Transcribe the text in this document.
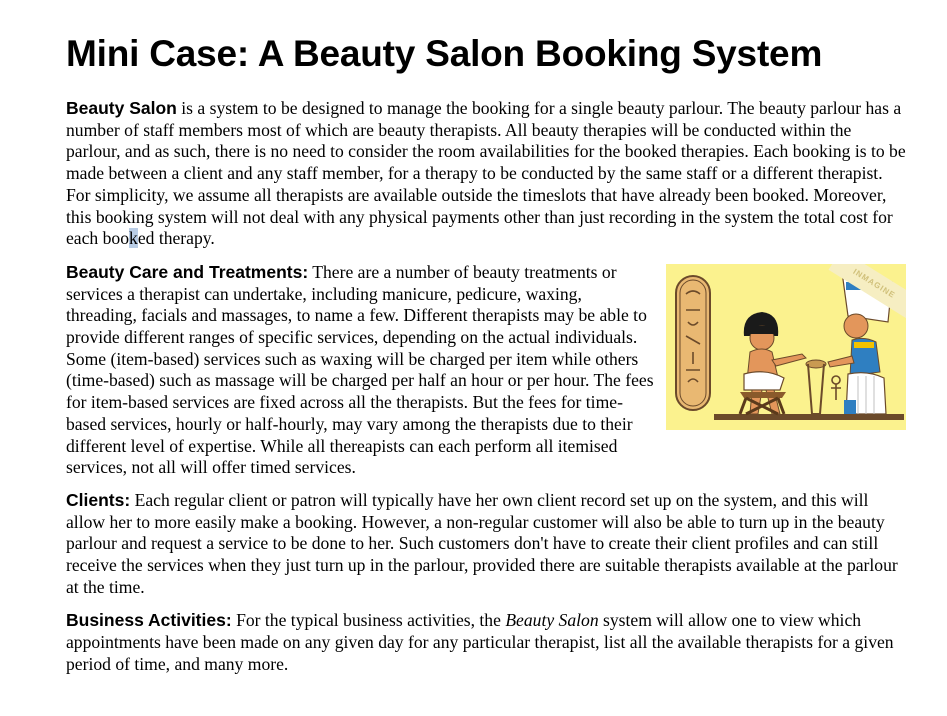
Mini Case: A Beauty Salon Booking System

Beauty Salon is a system to be designed to manage the booking for a single beauty parlour. The beauty parlour has a number of staff members most of which are beauty therapists. All beauty therapies will be conducted within the parlour, and as such, there is no need to consider the room availabilities for the booked therapies. Each booking is to be made between a client and any staff member, for a therapy to be conducted by the same staff or a different therapist. For simplicity, we assume all therapists are available outside the timeslots that have already been booked. Moreover, this booking system will not deal with any physical payments other than just recording in the system the total cost for each booked therapy.

INMAGINE
Beauty Care and Treatments: There are a number of beauty treatments or services a therapist can undertake, including manicure, pedicure, waxing, threading, facials and massages, to name a few. Different therapists may be able to provide different ranges of specific services, depending on the actual individuals. Some (item-based) services such as waxing will be charged per item while others (time-based) such as massage will be charged per half an hour or per hour. The fees for item-based services are fixed across all the therapists. But the fees for time-based services, hourly or half-hourly, may vary among the therapists due to their different level of expertise. While all thereapists can each perform all itemised services, not all will offer timed services.

Clients: Each regular client or patron will typically have her own client record set up on the system, and this will allow her to more easily make a booking. However, a non-regular customer will also be able to turn up in the beauty parlour and request a service to be done to her. Such customers don't have to create their client profiles and can still receive the services when they just turn up in the parlour, provided there are suitable therapists available at the parlour at the time.

Business Activities: For the typical business activities, the Beauty Salon system will allow one to view which appointments have been made on any given day for any particular therapist, list all the available therapists for a given period of time, and many more.
